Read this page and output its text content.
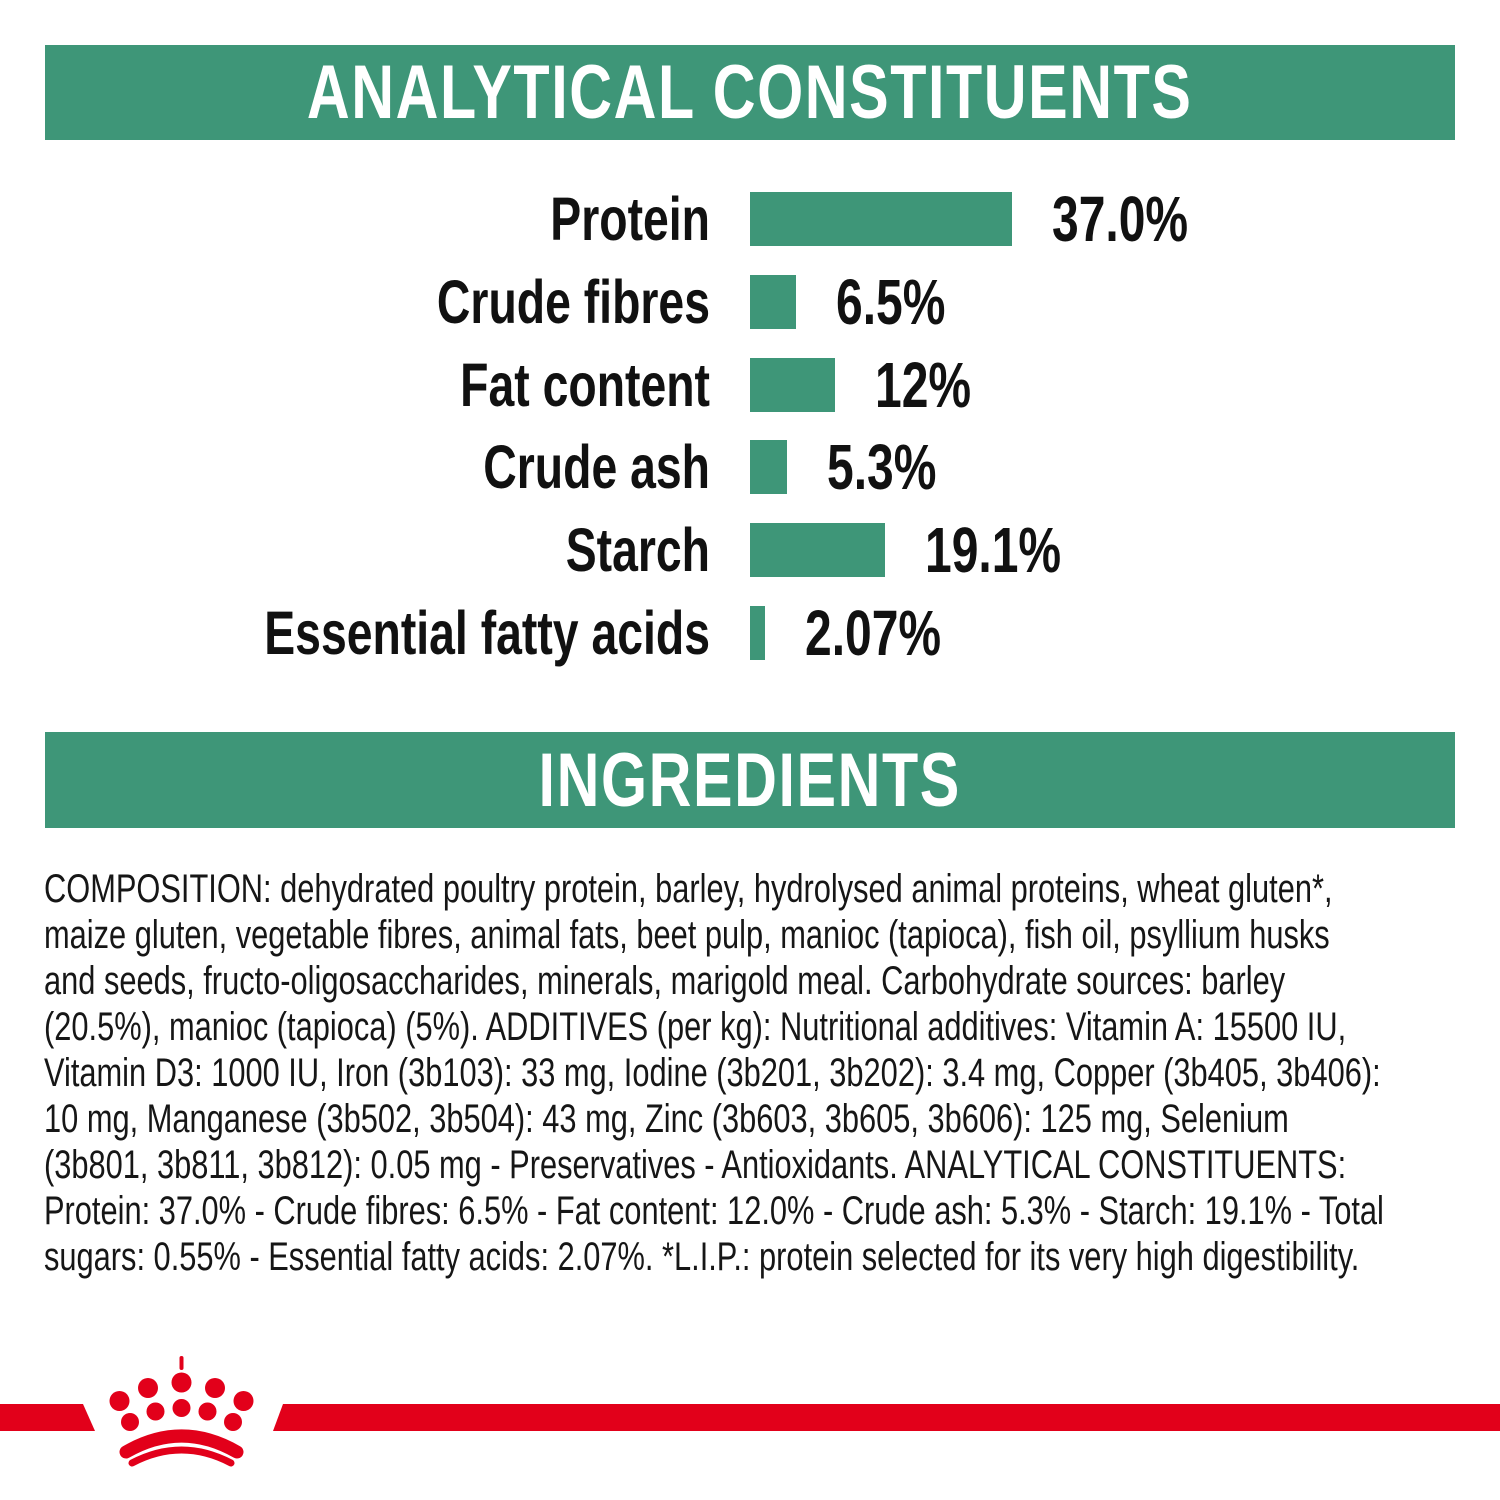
ANALYTICAL CONSTITUENTS
Protein	37.0%
Crude fibres 6.5%
Fat content	12%
Crude ash 5.3%
Starch	19.1%
Essential fatty acids 2.07%
INGREDIENTS
COMPOSITION: dehydrated poultry protein, barley, hydrolysed animal proteins, wheat gluten*,
maize gluten, vegetable fibres, animal fats, beet pulp, manioc (tapioca), fish oil, psyllium husks
and seeds, fructo-oligosaccharides, minerals, marigold meal. Carbohydrate sources: barley
(20.5%), manioc (tapioca) (5%). ADDITIVES (per kg): Nutritional additives: Vitamin A: 15500 IU,
Vitamin D3: 1000 IU, Iron (3b103): 33 mg, Iodine (3b201, 3b202): 3.4 mg, Copper (3b405, 3b406):
10 mg, Manganese (3b502, 3b504): 43 mg, Zinc (3b603, 3b605, 3b606): 125 mg, Selenium
(3b801, 3b811, 3b812): 0.05 mg - Preservatives - Antioxidants. ANALYTICAL CONSTITUENTS:
Protein: 37.0% - Crude fibres: 6.5% - Fat content: 12.0% - Crude ash: 5.3% - Starch: 19.1% - Total
sugars: 0.55% - Essential fatty acids: 2.07%. *L.I.P.: protein selected for its very high digestibility.
